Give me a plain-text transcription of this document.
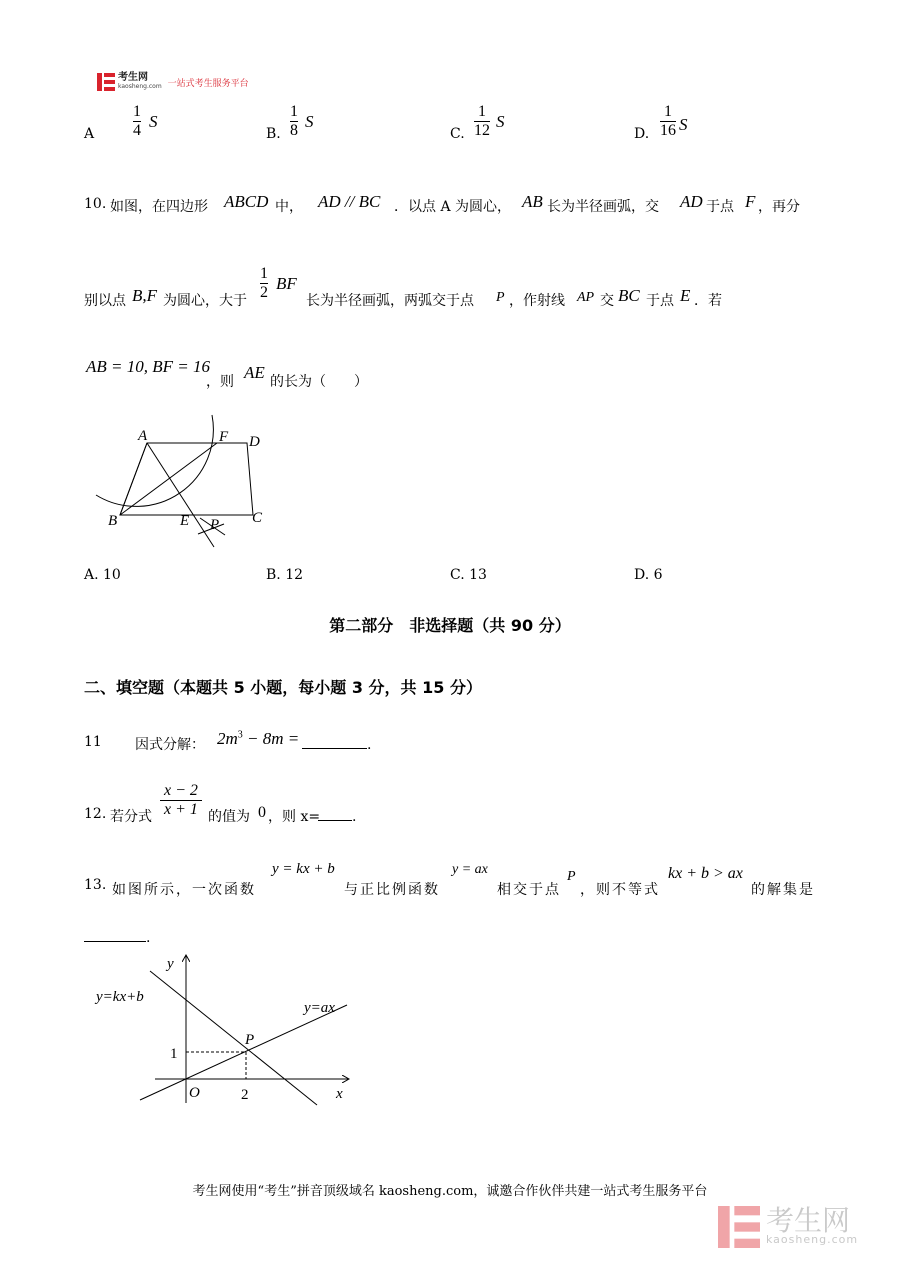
考生网
kaosheng.com 一站式考生服务平台
A
1
4 S
B.
1
8 S
C.
1
12 S
D.
1
16 S
10. 如图，在四边形 ABCD 中， AD // BC ．以点 A 为圆心， AB 长为半径画弧，交 AD 于点 F ，再分
别以点 B,F 为圆心，大于
1
2 BF
长为半径画弧，两弧交于点 P ，作射线 AP 交 BC 于点 E ．若
AB = 10, BF = 16
，则 AE 的长为（　　）
A	F D
B	E P C
A. 10	B. 12	C. 13	D. 6
第二部分　非选择题（共 90 分）
二、填空题（本题共 5 小题，每小题 3 分，共 15 分）
11 因式分解： $2m^3 - 8m$ =	.
12. 若分式
x − 2
x + 1 的值为 0 ，则 x=	.
13. 如图所示，一次函数
y = kx + b
与正比例函数
y = ax
相交于点
P
，则不等式
kx + b > ax
的解集是
.
y
x
O
y=kx+b
y=ax
P
1
2
考生网使用“考生”拼音顶级域名 kaosheng.com，诚邀合作伙伴共建一站式考生服务平台
考生网
kaosheng.com
